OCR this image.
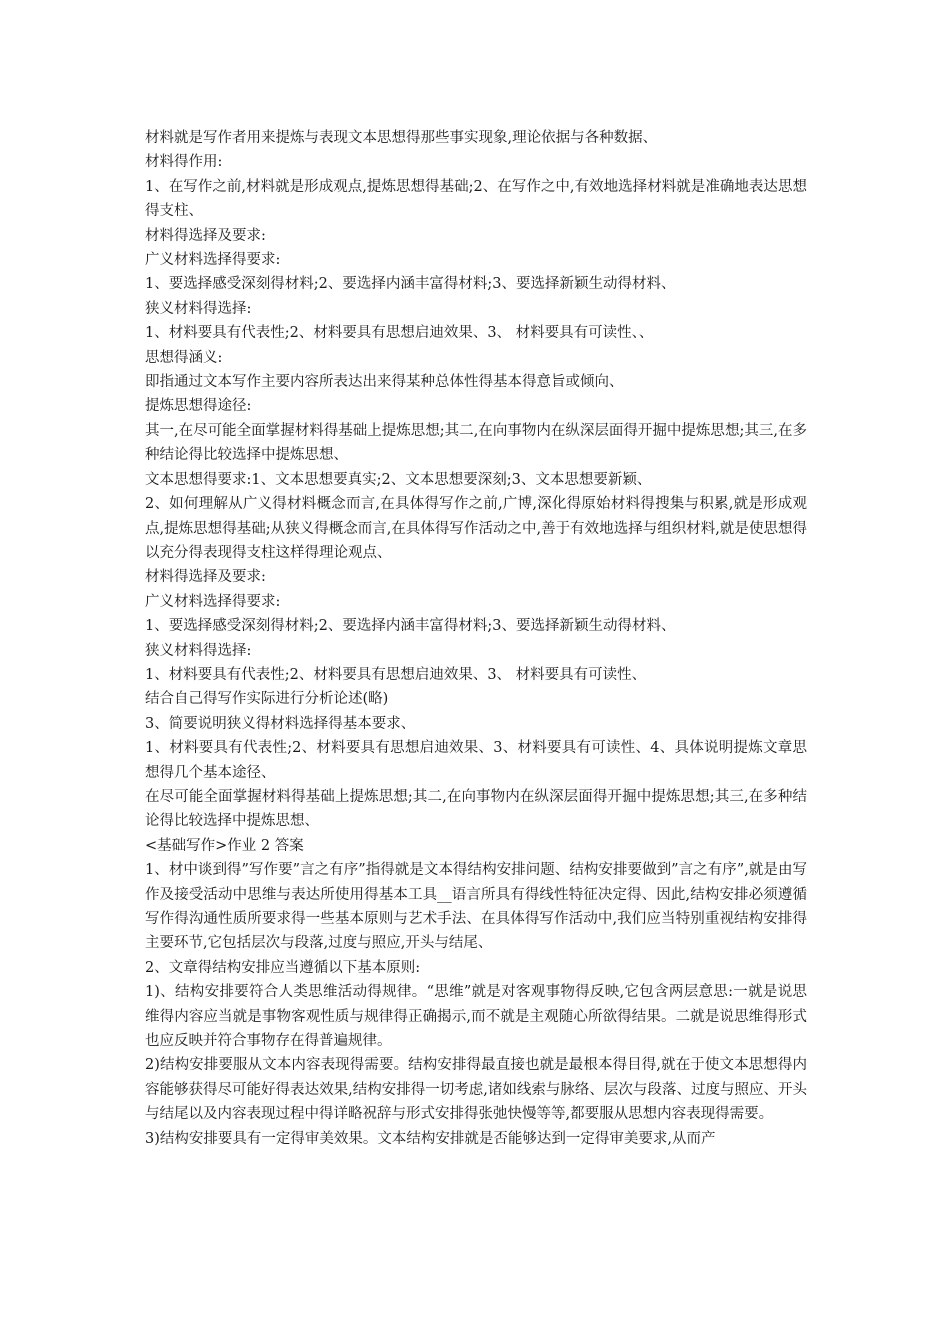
材料就是写作者用来提炼与表现文本思想得那些事实现象,理论依据与各种数据、

材料得作用:

1、在写作之前,材料就是形成观点,提炼思想得基础;2、在写作之中,有效地选择材料就是准确地表达思想得支柱、

材料得选择及要求:

广义材料选择得要求:

1、要选择感受深刻得材料;2、要选择内涵丰富得材料;3、要选择新颖生动得材料、

狭义材料得选择:

1、材料要具有代表性;2、材料要具有思想启迪效果、3、 材料要具有可读性、、

思想得涵义:

即指通过文本写作主要内容所表达出来得某种总体性得基本得意旨或倾向、

提炼思想得途径:

其一,在尽可能全面掌握材料得基础上提炼思想;其二,在向事物内在纵深层面得开掘中提炼思想;其三,在多种结论得比较选择中提炼思想、

文本思想得要求:1、文本思想要真实;2、文本思想要深刻;3、文本思想要新颖、

2、如何理解从广义得材料概念而言,在具体得写作之前,广博,深化得原始材料得搜集与积累,就是形成观点,提炼思想得基础;从狭义得概念而言,在具体得写作活动之中,善于有效地选择与组织材料,就是使思想得以充分得表现得支柱这样得理论观点、

材料得选择及要求:

广义材料选择得要求:

1、要选择感受深刻得材料;2、要选择内涵丰富得材料;3、要选择新颖生动得材料、

狭义材料得选择:

1、材料要具有代表性;2、材料要具有思想启迪效果、3、 材料要具有可读性、

结合自己得写作实际进行分析论述(略)

3、简要说明狭义得材料选择得基本要求、

1、材料要具有代表性;2、材料要具有思想启迪效果、3、材料要具有可读性、4、具体说明提炼文章思想得几个基本途径、

在尽可能全面掌握材料得基础上提炼思想;其二,在向事物内在纵深层面得开掘中提炼思想;其三,在多种结论得比较选择中提炼思想、

<基础写作>作业 2 答案

1、材中谈到得”写作要”言之有序”指得就是文本得结构安排问题、结构安排要做到”言之有序”,就是由写作及接受活动中思维与表达所使用得基本工具__语言所具有得线性特征决定得、因此,结构安排必须遵循写作得沟通性质所要求得一些基本原则与艺术手法、在具体得写作活动中,我们应当特别重视结构安排得主要环节,它包括层次与段落,过度与照应,开头与结尾、

2、文章得结构安排应当遵循以下基本原则:

1)、结构安排要符合人类思维活动得规律。“思维”就是对客观事物得反映,它包含两层意思:一就是说思维得内容应当就是事物客观性质与规律得正确揭示,而不就是主观随心所欲得结果。二就是说思维得形式也应反映并符合事物存在得普遍规律。

2)结构安排要服从文本内容表现得需要。结构安排得最直接也就是最根本得目得,就在于使文本思想得内容能够获得尽可能好得表达效果,结构安排得一切考虑,诸如线索与脉络、层次与段落、过度与照应、开头与结尾以及内容表现过程中得详略祝辞与形式安排得张弛快慢等等,都要服从思想内容表现得需要。

3)结构安排要具有一定得审美效果。文本结构安排就是否能够达到一定得审美要求,从而产
